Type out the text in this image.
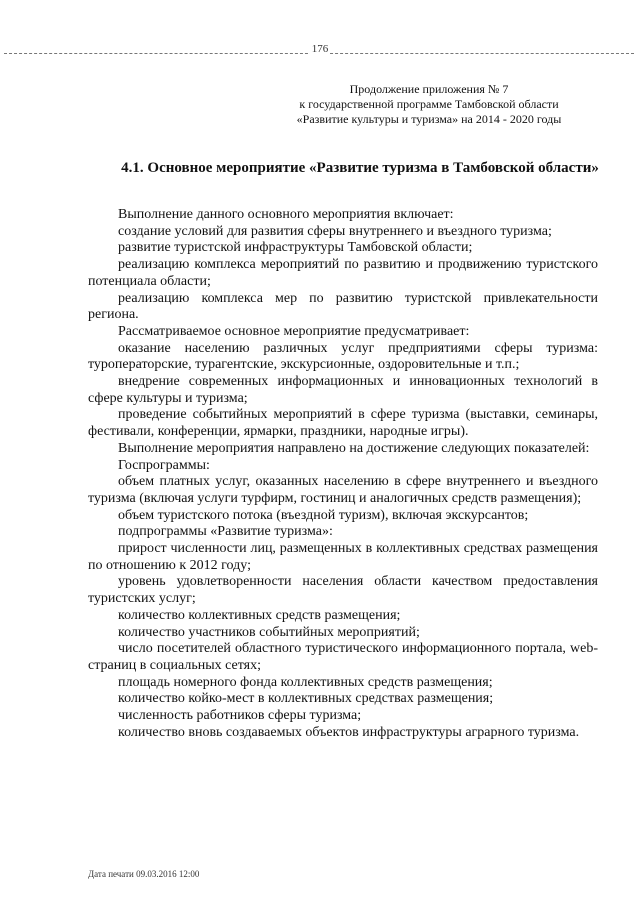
176
Продолжение приложения № 7
к государственной программе Тамбовской области
«Развитие культуры и туризма» на 2014 - 2020 годы
4.1. Основное мероприятие «Развитие туризма в Тамбовской области»

Выполнение данного основного мероприятия включает:

создание условий для развития сферы внутреннего и въездного туризма;

развитие туристской инфраструктуры Тамбовской области;

реализацию комплекса мероприятий по развитию и продвижению туристского потенциала области;

реализацию комплекса мер по развитию туристской привлекательности региона.

Рассматриваемое основное мероприятие предусматривает:

оказание населению различных услуг предприятиями сферы туризма: туроператорские, турагентские, экскурсионные, оздоровительные и т.п.;

внедрение современных информационных и инновационных технологий в сфере культуры и туризма;

проведение событийных мероприятий в сфере туризма (выставки, семинары, фестивали, конференции, ярмарки, праздники, народные игры).

Выполнение мероприятия направлено на достижение следующих показателей:

Госпрограммы:

объем платных услуг, оказанных населению в сфере внутреннего и въездного туризма (включая услуги турфирм, гостиниц и аналогичных средств размещения);

объем туристского потока (въездной туризм), включая экскурсантов;

подпрограммы «Развитие туризма»:

прирост численности лиц, размещенных в коллективных средствах размещения по отношению к 2012 году;

уровень удовлетворенности населения области качеством предоставления туристских услуг;

количество коллективных средств размещения;

количество участников событийных мероприятий;

число посетителей областного туристического информационного портала, web-страниц в социальных сетях;

площадь номерного фонда коллективных средств размещения;

количество койко-мест в коллективных средствах размещения;

численность работников сферы туризма;

количество вновь создаваемых объектов инфраструктуры аграрного туризма.

Дата печати 09.03.2016 12:00
